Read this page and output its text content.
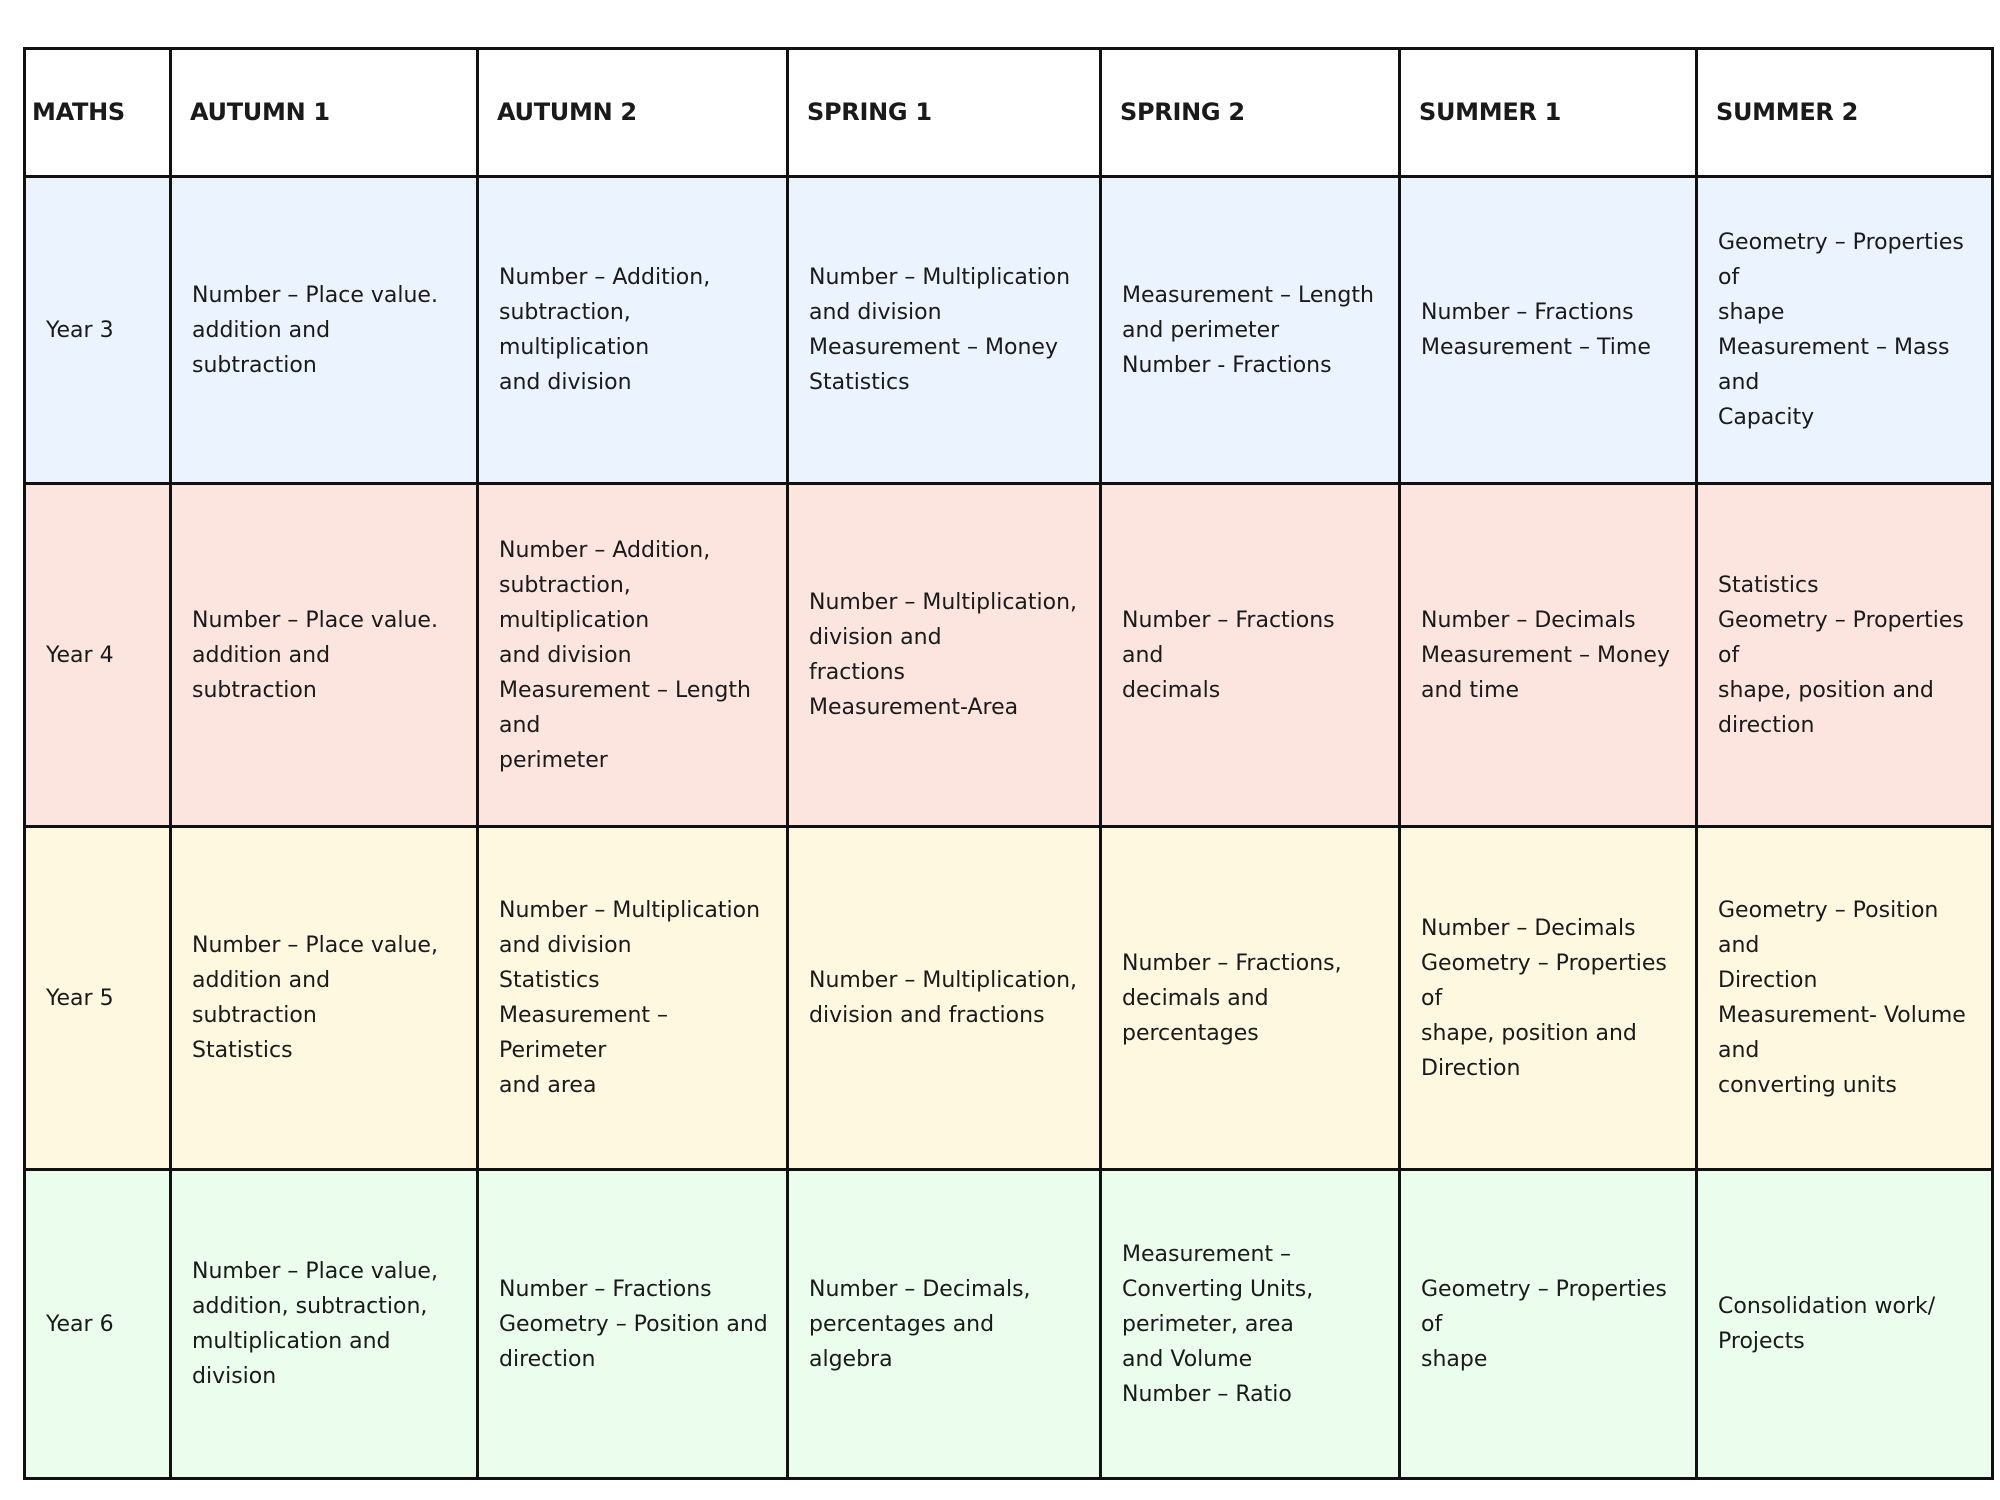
MATHS	AUTUMN 1	AUTUMN 2	SPRING 1	SPRING 2	SUMMER 1	SUMMER 2
Year 3	Number – Place value.
addition and subtraction	Number – Addition,
subtraction, multiplication
and division	Number – Multiplication
and division
Measurement – Money
Statistics	Measurement – Length
and perimeter
Number - Fractions	Number – Fractions
Measurement – Time	Geometry – Properties of
shape
Measurement – Mass and
Capacity

Year 4	Number – Place value.
addition and subtraction	Number – Addition,
subtraction, multiplication
and division
Measurement – Length and
perimeter	Number – Multiplication,
division and
fractions
Measurement-Area	Number – Fractions and
decimals	Number – Decimals
Measurement – Money
and time	Statistics
Geometry – Properties of
shape, position and
direction

Year 5	Number – Place value,
addition and subtraction
Statistics	Number – Multiplication
and division
Statistics
Measurement – Perimeter
and area	Number – Multiplication,
division and fractions	Number – Fractions,
decimals and percentages	Number – Decimals
Geometry – Properties of
shape, position and
Direction	Geometry – Position and
Direction
Measurement- Volume and
converting units

Year 6	Number – Place value,
addition, subtraction,
multiplication and division	Number – Fractions
Geometry – Position and
direction	Number – Decimals,
percentages and algebra	Measurement –
Converting Units,
perimeter, area
and Volume
Number – Ratio	Geometry – Properties of
shape	Consolidation work/
Projects
